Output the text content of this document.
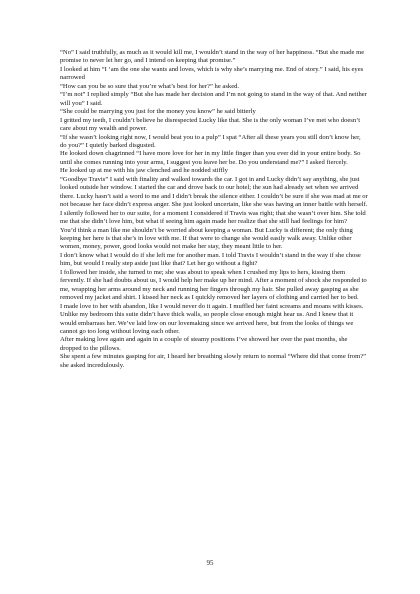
“No” I said truthfully, as much as it would kill me, I wouldn’t stand in the way of her happiness. “But she made me promise to never let her go, and I intend on keeping that promise.”

I looked at him “I ‘am the one she wants and loves, which is why she’s marrying me. End of story.” I said, his eyes narrowed

“How can you be so sure that you’re what’s best for her?” he asked.

“I’m not” I replied simply “But she has made her decision and I’m not going to stand in the way of that. And neither will you” I said.

“She could be marrying you just for the money you know” he said bitterly

I gritted my teeth, I couldn’t believe he disrespected Lucky like that. She is the only woman I’ve met who doesn’t care about my wealth and power.

“If she wasn’t looking right now, I would beat you to a pulp” I spat “After all these years you still don’t know her, do you?” I quietly barked disgusted.

He looked down chagrinned “I have more love for her in my little finger than you ever did in your entire body. So until she comes running into your arms, I suggest you leave her be. Do you understand me?” I asked fiercely.

He looked up at me with his jaw clenched and he nodded stiffly

“Goodbye Travis” I said with finality and walked towards the car. I got in and Lucky didn’t say anything, she just looked outside her window. I started the car and drove back to our hotel; the sun had already set when we arrived there. Lucky hasn’t said a word to me and I didn’t break the silence either. I couldn’t be sure if she was mad at me or not because her face didn’t express anger. She just looked uncertain, like she was having an inner battle with herself.

I silently followed her to our suite, for a moment I considered if Travis was right; that she wasn’t over him. She told me that she didn’t love him, but what if seeing him again made her realize that she still had feelings for him?

You’d think a man like me shouldn’t be worried about keeping a woman. But Lucky is different; the only thing keeping her here is that she’s in love with me. If that were to change she would easily walk away. Unlike other women, money, power, good looks would not make her stay, they meant little to her.

I don’t know what I would do if she left me for another man. I told Travis I wouldn’t stand in the way if she chose him, but would I really step aside just like that? Let her go without a fight?

I followed her inside, she turned to me; she was about to speak when I crushed my lips to hers, kissing them fervently. If she had doubts about us, I would help her make up her mind. After a moment of shock she responded to me, wrapping her arms around my neck and running her fingers through my hair. She pulled away gasping as she removed my jacket and shirt. I kissed her neck as I quickly removed her layers of clothing and carried her to bed.

I made love to her with abandon, like I would never do it again. I muffled her faint screams and moans with kisses. Unlike my bedroom this suite didn’t have thick walls, so people close enough might hear us. And I knew that it would embarrass her. We’ve laid low on our lovemaking since we arrived here, but from the looks of things we cannot go too long without loving each other.

After making love again and again in a couple of steamy positions I’ve showed her over the past months, she dropped to the pillows.

She spent a few minutes gasping for air, I heard her breathing slowly return to normal “Where did that come from?” she asked incredulously.

95
